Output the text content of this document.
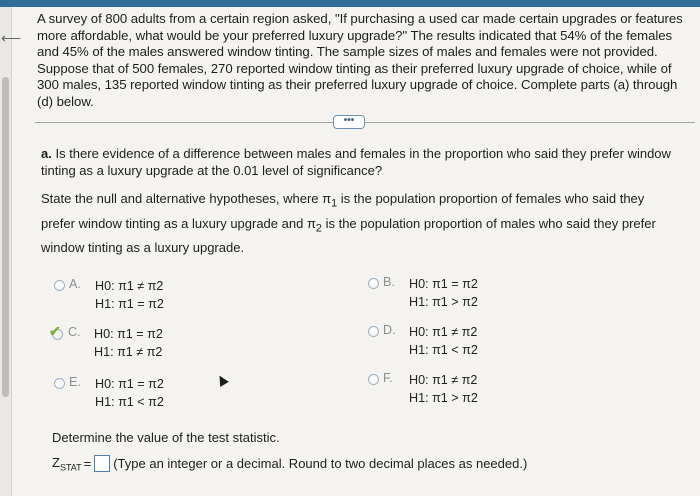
⟵
A survey of 800 adults from a certain region asked, "If purchasing a used car made certain upgrades or features more affordable, what would be your preferred luxury upgrade?" The results indicated that 54% of the females and 45% of the males answered window tinting. The sample sizes of males and females were not provided. Suppose that of 500 females, 270 reported window tinting as their preferred luxury upgrade of choice, while of 300 males, 135 reported window tinting as their preferred luxury upgrade of choice. Complete parts (a) through (d) below.
•••
a. Is there evidence of a difference between males and females in the proportion who said they prefer window tinting as a luxury upgrade at the 0.01 level of significance?
State the null and alternative hypotheses, where $\pi_1$ is the population proportion of females who said they prefer window tinting as a luxury upgrade and $\pi_2$ is the population proportion of males who said they prefer window tinting as a luxury upgrade.
A.	H0: π1 ≠ π2
H1: π1 = π2
B.	H0: π1 = π2
H1: π1 > π2
✔ C.	H0: π1 = π2
H1: π1 ≠ π2
D.	H0: π1 ≠ π2
H1: π1 < π2
E.	H0: π1 = π2
H1: π1 < π2
F.	H0: π1 ≠ π2
H1: π1 > π2
Determine the value of the test statistic.
$Z_{STAT}$ = (Type an integer or a decimal. Round to two decimal places as needed.)
